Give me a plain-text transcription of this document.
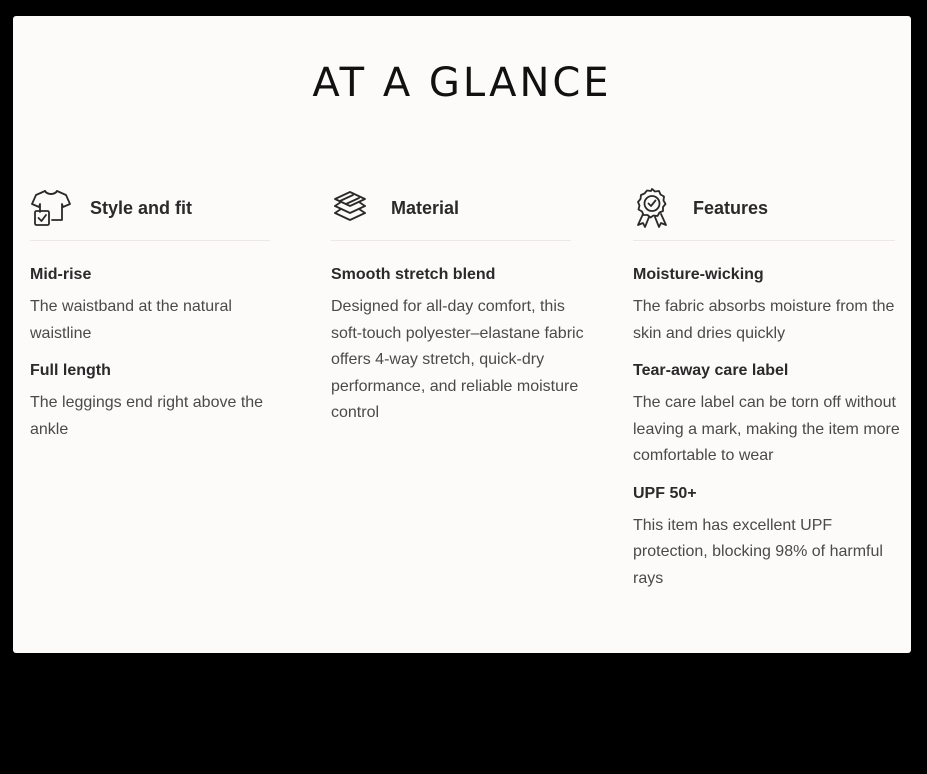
AT A GLANCE
Style and fit

Mid-rise

The waistband at the natural waistline

Full length

The leggings end right above the ankle

Material

Smooth stretch blend

Designed for all-day comfort, this soft-touch polyester–elastane fabric offers 4-way stretch, quick-dry performance, and reliable moisture control

Features

Moisture-wicking

The fabric absorbs moisture from the skin and dries quickly

Tear-away care label

The care label can be torn off without leaving a mark, making the item more comfortable to wear

UPF 50+

This item has excellent UPF protection, blocking 98% of harmful rays
